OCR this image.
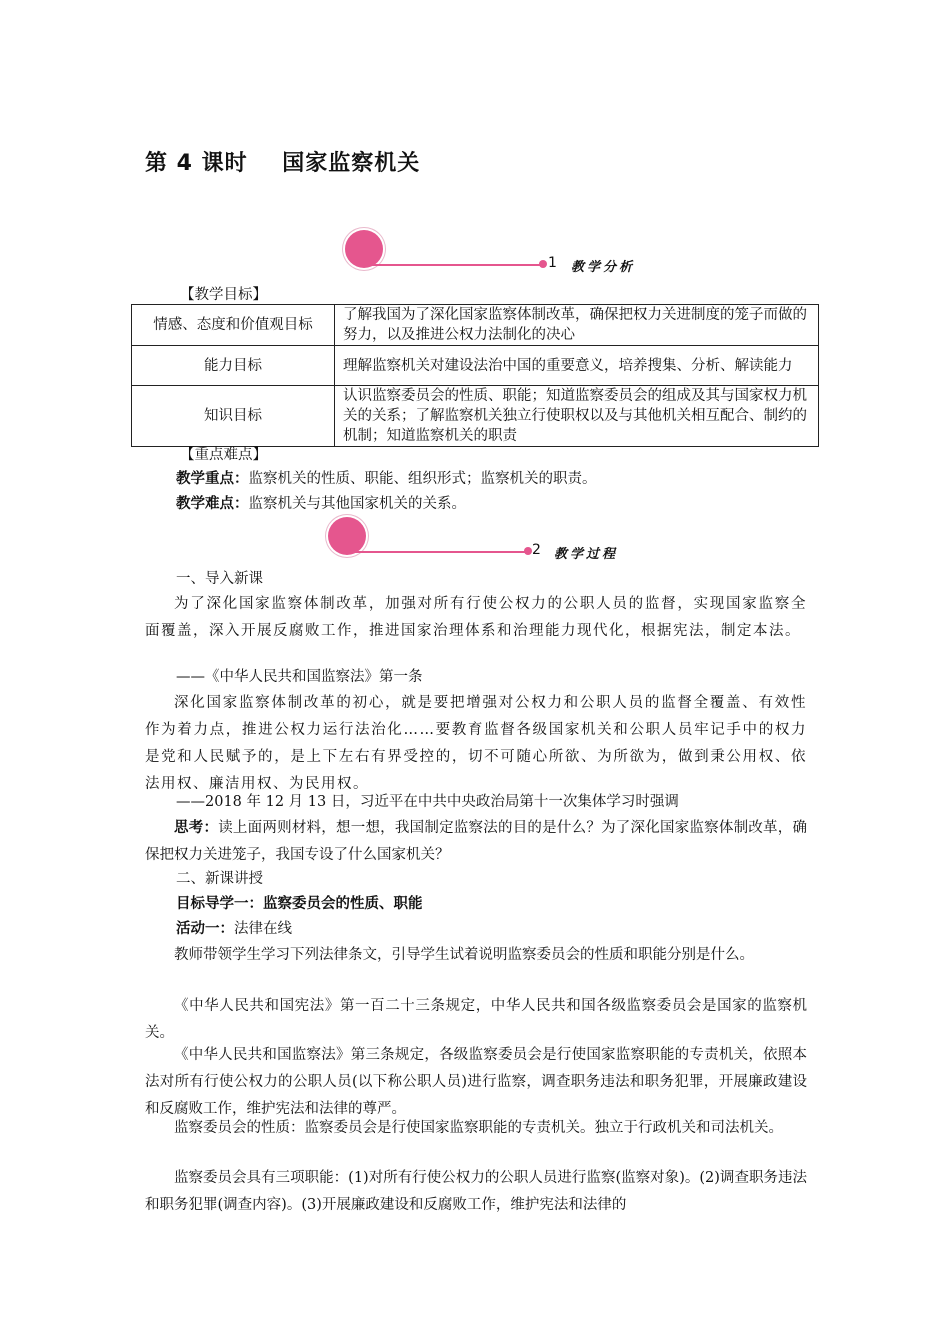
第 4 课时    国家监察机关
1 教学分析
【教学目标】
情感、态度和价值观目标	了解我国为了深化国家监察体制改革，确保把权力关进制度的笼子而做的努力，以及推进公权力法制化的决心
能力目标	理解监察机关对建设法治中国的重要意义，培养搜集、分析、解读能力
知识目标	认识监察委员会的性质、职能；知道监察委员会的组成及其与国家权力机关的关系；了解监察机关独立行使职权以及与其他机关相互配合、制约的机制；知道监察机关的职责
【重点难点】
教学重点：监察机关的性质、职能、组织形式；监察机关的职责。
教学难点：监察机关与其他国家机关的关系。
2 教学过程
一、导入新课

为了深化国家监察体制改革，加强对所有行使公权力的公职人员的监督，实现国家监察全面覆盖，深入开展反腐败工作，推进国家治理体系和治理能力现代化，根据宪法，制定本法。

——《中华人民共和国监察法》第一条

深化国家监察体制改革的初心，就是要把增强对公权力和公职人员的监督全覆盖、有效性作为着力点，推进公权力运行法治化……要教育监督各级国家机关和公职人员牢记手中的权力是党和人民赋予的，是上下左右有界受控的，切不可随心所欲、为所欲为，做到秉公用权、依法用权、廉洁用权、为民用权。

——2018 年 12 月 13 日，习近平在中共中央政治局第十一次集体学习时强调

思考：读上面两则材料，想一想，我国制定监察法的目的是什么？为了深化国家监察体制改革，确保把权力关进笼子，我国专设了什么国家机关？

二、新课讲授
目标导学一：监察委员会的性质、职能
活动一：法律在线

教师带领学生学习下列法律条文，引导学生试着说明监察委员会的性质和职能分别是什么。

《中华人民共和国宪法》第一百二十三条规定，中华人民共和国各级监察委员会是国家的监察机关。

《中华人民共和国监察法》第三条规定，各级监察委员会是行使国家监察职能的专责机关，依照本法对所有行使公权力的公职人员(以下称公职人员)进行监察，调查职务违法和职务犯罪，开展廉政建设和反腐败工作，维护宪法和法律的尊严。

监察委员会的性质：监察委员会是行使国家监察职能的专责机关。独立于行政机关和司法机关。

监察委员会具有三项职能：(1)对所有行使公权力的公职人员进行监察(监察对象)。(2)调查职务违法和职务犯罪(调查内容)。(3)开展廉政建设和反腐败工作，维护宪法和法律的
